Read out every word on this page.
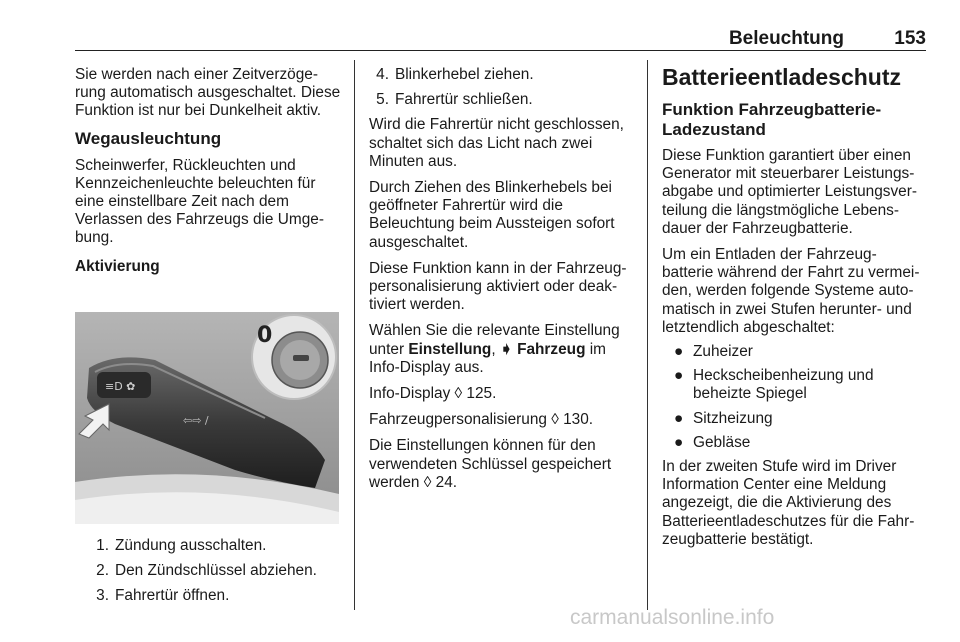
Beleuchtung	153

Sie werden nach einer Zeitverzöge-rung automatisch ausgeschaltet. Diese Funktion ist nur bei Dunkelheit aktiv.

Wegausleuchtung

Scheinwerfer, Rückleuchten und Kennzeichenleuchte beleuchten für eine einstellbare Zeit nach dem Verlassen des Fahrzeugs die Umge-bung.

Aktivierung
≡D ✿
⇦⇨ /
0
1. Zündung ausschalten.
2. Den Zündschlüssel abziehen.
3. Fahrertür öffnen.
4. Blinkerhebel ziehen.
5. Fahrertür schließen.

Wird die Fahrertür nicht geschlossen, schaltet sich das Licht nach zwei Minuten aus.

Durch Ziehen des Blinkerhebels bei geöffneter Fahrertür wird die Beleuchtung beim Aussteigen sofort ausgeschaltet.

Diese Funktion kann in der Fahrzeug-personalisierung aktiviert oder deak-tiviert werden.

Wählen Sie die relevante Einstellung unter Einstellung, ➧ Fahrzeug im Info-Display aus.

Info-Display ◊ 125.

Fahrzeugpersonalisierung ◊ 130.

Die Einstellungen können für den verwendeten Schlüssel gespeichert werden ◊ 24.

Batterieentladeschutz
Funktion Fahrzeugbatterie-Ladezustand

Diese Funktion garantiert über einen Generator mit steuerbarer Leistungs-abgabe und optimierter Leistungsver-teilung die längstmögliche Lebens-dauer der Fahrzeugbatterie.

Um ein Entladen der Fahrzeug-batterie während der Fahrt zu vermei-den, werden folgende Systeme auto-matisch in zwei Stufen herunter- und letztendlich abgeschaltet:

● Zuheizer
● Heckscheibenheizung und beheizte Spiegel
● Sitzheizung
● Gebläse

In der zweiten Stufe wird im Driver Information Center eine Meldung angezeigt, die die Aktivierung des Batterieentladeschutzes für die Fahr-zeugbatterie bestätigt.

carmanualsonline.info
